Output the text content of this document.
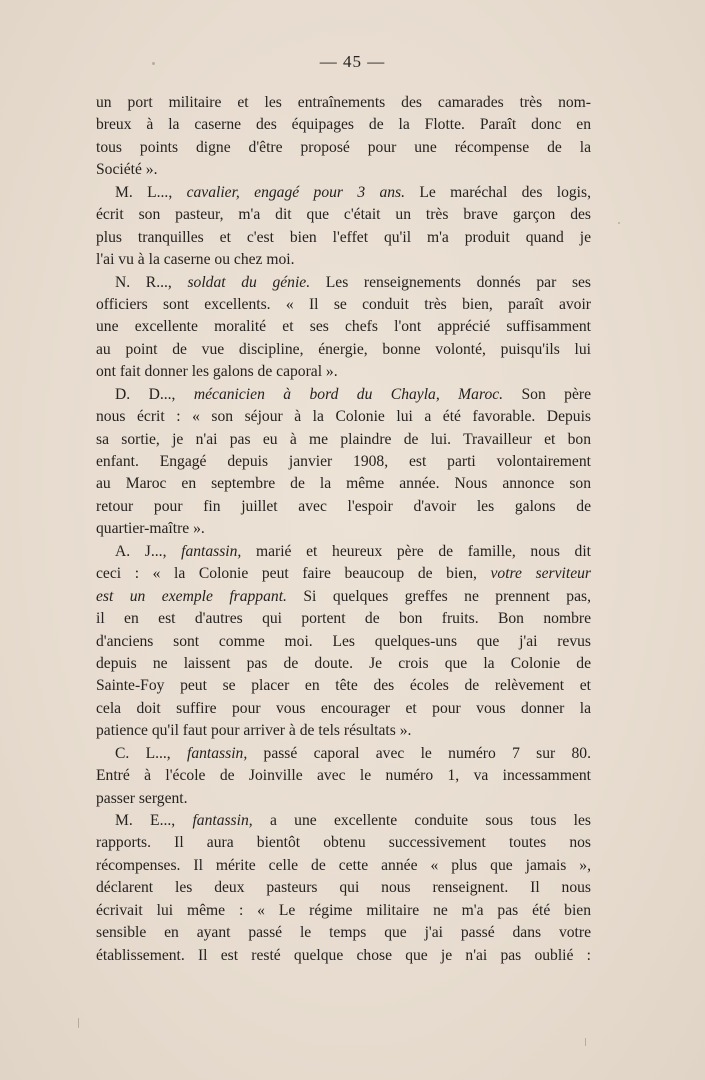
— 45 —
un port militaire et les entraînements des camarades très nom-
breux à la caserne des équipages de la Flotte. Paraît donc en
tous points digne d'être proposé pour une récompense de la
Société ».
M. L..., cavalier, engagé pour 3 ans. Le maréchal des logis,
écrit son pasteur, m'a dit que c'était un très brave garçon des
plus tranquilles et c'est bien l'effet qu'il m'a produit quand je
l'ai vu à la caserne ou chez moi.
N. R..., soldat du génie. Les renseignements donnés par ses
officiers sont excellents. « Il se conduit très bien, paraît avoir
une excellente moralité et ses chefs l'ont apprécié suffisamment
au point de vue discipline, énergie, bonne volonté, puisqu'ils lui
ont fait donner les galons de caporal ».
D. D..., mécanicien à bord du Chayla, Maroc. Son père
nous écrit : « son séjour à la Colonie lui a été favorable. Depuis
sa sortie, je n'ai pas eu à me plaindre de lui. Travailleur et bon
enfant. Engagé depuis janvier 1908, est parti volontairement
au Maroc en septembre de la même année. Nous annonce son
retour pour fin juillet avec l'espoir d'avoir les galons de
quartier-maître ».
A. J..., fantassin, marié et heureux père de famille, nous dit
ceci : « la Colonie peut faire beaucoup de bien, votre serviteur
est un exemple frappant. Si quelques greffes ne prennent pas,
il en est d'autres qui portent de bon fruits. Bon nombre
d'anciens sont comme moi. Les quelques-uns que j'ai revus
depuis ne laissent pas de doute. Je crois que la Colonie de
Sainte-Foy peut se placer en tête des écoles de relèvement et
cela doit suffire pour vous encourager et pour vous donner la
patience qu'il faut pour arriver à de tels résultats ».
C. L..., fantassin, passé caporal avec le numéro 7 sur 80.
Entré à l'école de Joinville avec le numéro 1, va incessamment
passer sergent.
M. E..., fantassin, a une excellente conduite sous tous les
rapports. Il aura bientôt obtenu successivement toutes nos
récompenses. Il mérite celle de cette année « plus que jamais »,
déclarent les deux pasteurs qui nous renseignent. Il nous
écrivait lui même : « Le régime militaire ne m'a pas été bien
sensible en ayant passé le temps que j'ai passé dans votre
établissement. Il est resté quelque chose que je n'ai pas oublié :
